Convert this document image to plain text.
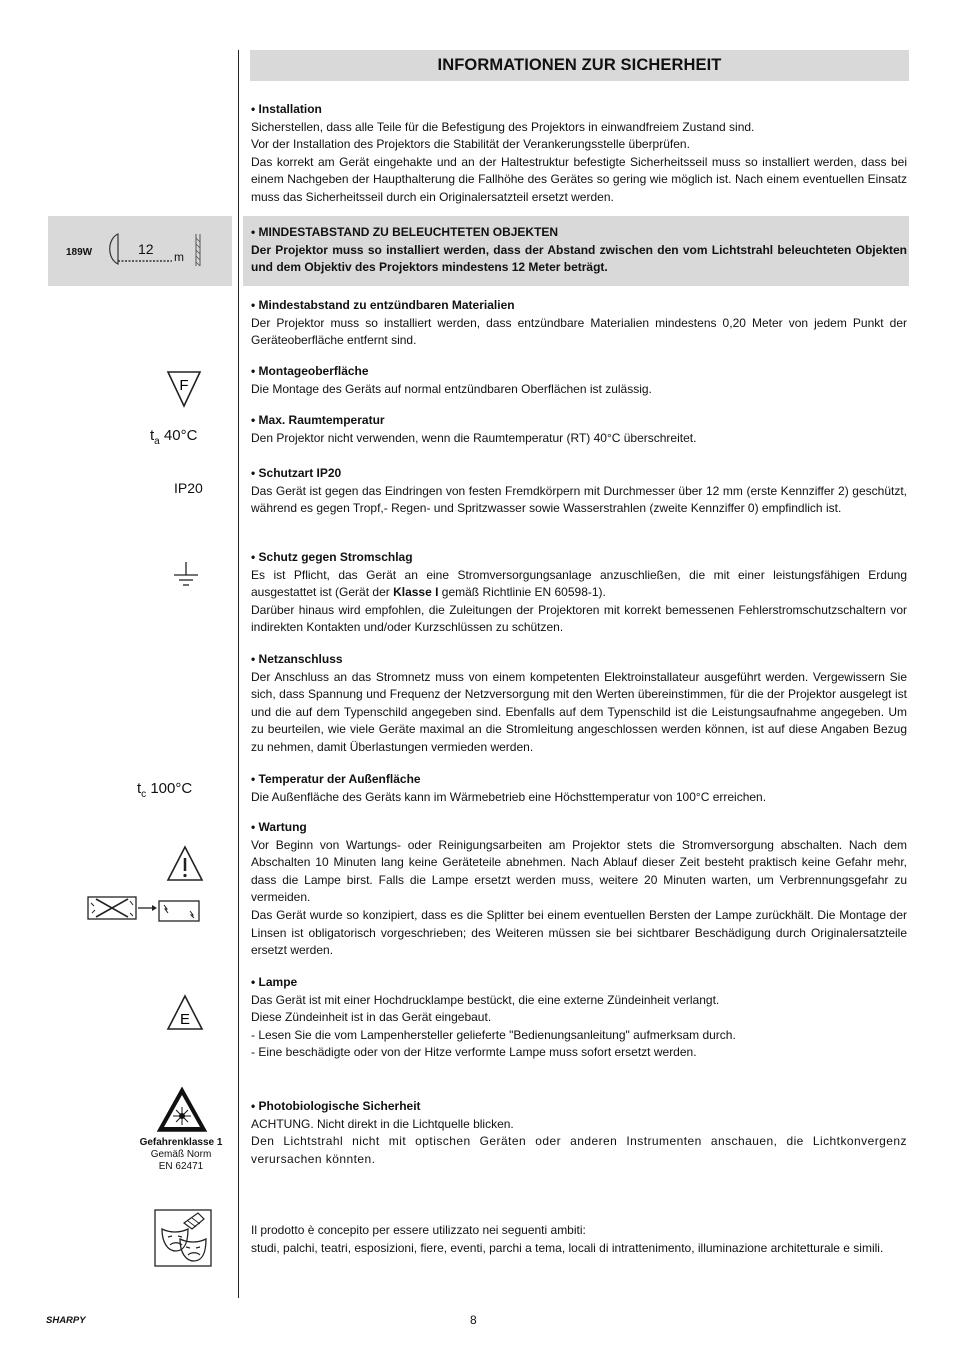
INFORMATIONEN ZUR SICHERHEIT

• Installation

Sicherstellen, dass alle Teile für die Befestigung des Projektors in einwandfreiem Zustand sind.

Vor der Installation des Projektors die Stabilität der Verankerungsstelle überprüfen.

Das korrekt am Gerät eingehakte und an der Haltestruktur befestigte Sicherheitsseil muss so installiert werden, dass bei einem Nachgeben der Haupthalterung die Fallhöhe des Gerätes so gering wie möglich ist. Nach einem eventuellen Einsatz muss das Sicherheitsseil durch ein Originalersatzteil ersetzt werden.

189W	12 m

• MINDESTABSTAND ZU BELEUCHTETEN OBJEKTEN

Der Projektor muss so installiert werden, dass der Abstand zwischen den vom Lichtstrahl beleuchteten Objekten und dem Objektiv des Projektors mindestens 12 Meter beträgt.

• Mindestabstand zu entzündbaren Materialien

Der Projektor muss so installiert werden, dass entzündbare Materialien mindestens 0,20 Meter von jedem Punkt der Geräteoberfläche entfernt sind.

F

• Montageoberfläche

Die Montage des Geräts auf normal entzündbaren Oberflächen ist zulässig.

$t_a$ 40°C

• Max. Raumtemperatur

Den Projektor nicht verwenden, wenn die Raumtemperatur (RT) 40°C überschreitet.

IP20

• Schutzart IP20

Das Gerät ist gegen das Eindringen von festen Fremdkörpern mit Durchmesser über 12 mm (erste Kennziffer 2) geschützt, während es gegen Tropf,- Regen- und Spritzwasser sowie Wasserstrahlen (zweite Kennziffer 0) empfindlich ist.

• Schutz gegen Stromschlag

Es ist Pflicht, das Gerät an eine Stromversorgungsanlage anzuschließen, die mit einer leistungsfähigen Erdung ausgestattet ist (Gerät der Klasse I gemäß Richtlinie EN 60598-1).

Darüber hinaus wird empfohlen, die Zuleitungen der Projektoren mit korrekt bemessenen Fehlerstromschutzschaltern vor indirekten Kontakten und/oder Kurzschlüssen zu schützen.

• Netzanschluss

Der Anschluss an das Stromnetz muss von einem kompetenten Elektroinstallateur ausgeführt werden. Vergewissern Sie sich, dass Spannung und Frequenz der Netzversorgung mit den Werten übereinstimmen, für die der Projektor ausgelegt ist und die auf dem Typenschild angegeben sind. Ebenfalls auf dem Typenschild ist die Leistungsaufnahme angegeben. Um zu beurteilen, wie viele Geräte maximal an die Stromleitung angeschlossen werden können, ist auf diese Angaben Bezug zu nehmen, damit Überlastungen vermieden werden.

$t_c$ 100°C

• Temperatur der Außenfläche

Die Außenfläche des Geräts kann im Wärmebetrieb eine Höchsttemperatur von 100°C erreichen.

• Wartung

Vor Beginn von Wartungs- oder Reinigungsarbeiten am Projektor stets die Stromversorgung abschalten. Nach dem Abschalten 10 Minuten lang keine Geräteteile abnehmen. Nach Ablauf dieser Zeit besteht praktisch keine Gefahr mehr, dass die Lampe birst. Falls die Lampe ersetzt werden muss, weitere 20 Minuten warten, um Verbrennungsgefahr zu vermeiden.

Das Gerät wurde so konzipiert, dass es die Splitter bei einem eventuellen Bersten der Lampe zurückhält. Die Montage der Linsen ist obligatorisch vorgeschrieben; des Weiteren müssen sie bei sichtbarer Beschädigung durch Originalersatzteile ersetzt werden.

E

• Lampe

Das Gerät ist mit einer Hochdrucklampe bestückt, die eine externe Zündeinheit verlangt.

Diese Zündeinheit ist in das Gerät eingebaut.

- Lesen Sie die vom Lampenhersteller gelieferte "Bedienungsanleitung" aufmerksam durch.

- Eine beschädigte oder von der Hitze verformte Lampe muss sofort ersetzt werden.

Gefahrenklasse 1
Gemäß Norm
EN 62471

• Photobiologische Sicherheit

ACHTUNG. Nicht direkt in die Lichtquelle blicken.

Den Lichtstrahl nicht mit optischen Geräten oder anderen Instrumenten anschauen, die Lichtkonvergenz verursachen könnten.

Il prodotto è concepito per essere utilizzato nei seguenti ambiti:

studi, palchi, teatri, esposizioni, fiere, eventi, parchi a tema, locali di intrattenimento, illuminazione architetturale e simili.

SHARPY	8
